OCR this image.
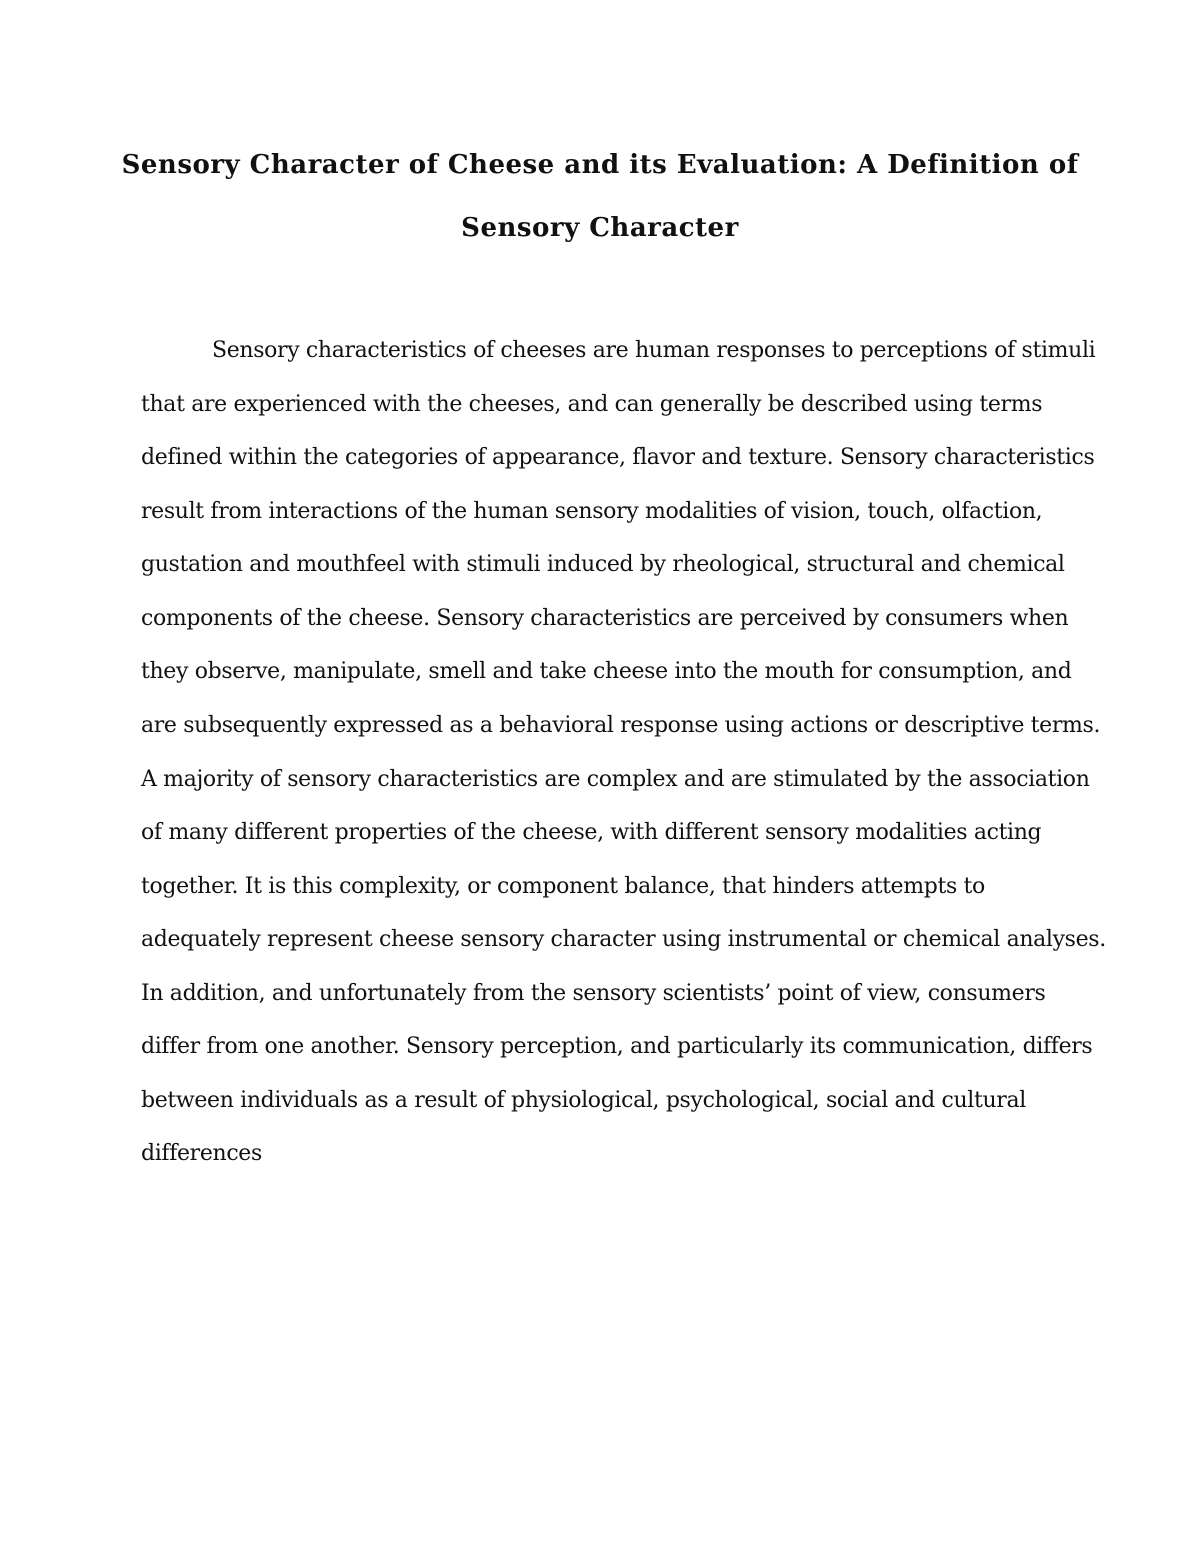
Sensory Character of Cheese and its Evaluation: A Definition of
Sensory Character
Sensory characteristics of cheeses are human responses to perceptions of stimuli
that are experienced with the cheeses, and can generally be described using terms
defined within the categories of appearance, flavor and texture. Sensory characteristics
result from interactions of the human sensory modalities of vision, touch, olfaction,
gustation and mouthfeel with stimuli induced by rheological, structural and chemical
components of the cheese. Sensory characteristics are perceived by consumers when
they observe, manipulate, smell and take cheese into the mouth for consumption, and
are subsequently expressed as a behavioral response using actions or descriptive terms.
A majority of sensory characteristics are complex and are stimulated by the association
of many different properties of the cheese, with different sensory modalities acting
together. It is this complexity, or component balance, that hinders attempts to
adequately represent cheese sensory character using instrumental or chemical analyses.
In addition, and unfortunately from the sensory scientists’ point of view, consumers
differ from one another. Sensory perception, and particularly its communication, differs
between individuals as a result of physiological, psychological, social and cultural
differences
